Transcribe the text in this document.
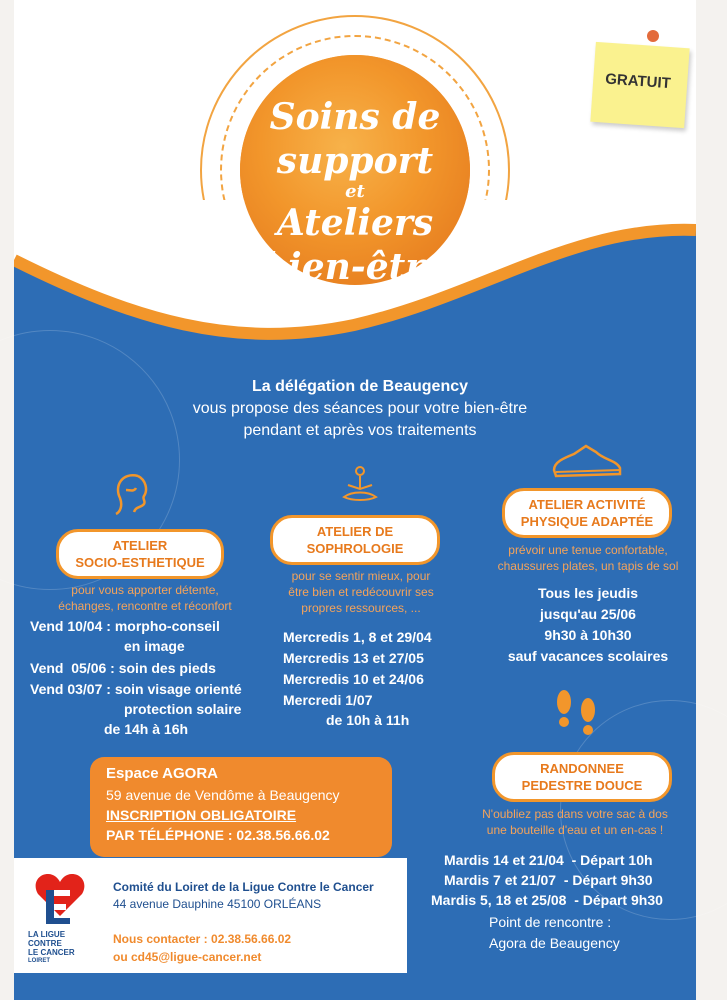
Soins de
support
et
Ateliers
bien-être
GRATUIT
La délégation de Beaugency
vous propose des séances pour votre bien-être
pendant et après vos traitements
ATELIER
SOCIO-ESTHETIQUE
pour vous apporter détente,
échanges, rencontre et réconfort
Vend 10/04 : morpho-conseil
en image
Vend  05/06 : soin des pieds
Vend 03/07 : soin visage orienté
protection solaire
de 14h à 16h
ATELIER DE
SOPHROLOGIE
pour se sentir mieux, pour
être bien et redécouvrir ses
propres ressources, ...
Mercredis 1, 8 et 29/04
Mercredis 13 et 27/05
Mercredis 10 et 24/06
Mercredi 1/07
de 10h à 11h
ATELIER ACTIVITÉ
PHYSIQUE ADAPTÉE
prévoir une tenue confortable,
chaussures plates, un tapis de sol
Tous les jeudis
jusqu'au 25/06
9h30 à 10h30
sauf vacances scolaires
RANDONNEE
PEDESTRE DOUCE
N'oubliez pas dans votre sac à dos
une bouteille d'eau et un en-cas !
Mardis 14 et 21/04  - Départ 10h
Mardis 7 et 21/07  - Départ 9h30
Mardis 5, 18 et 25/08  - Départ 9h30
Point de rencontre :
Agora de Beaugency
Espace AGORA
59 avenue de Vendôme à Beaugency
INSCRIPTION OBLIGATOIRE
PAR TÉLÉPHONE : 02.38.56.66.02
LA LIGUE
CONTRE
LE CANCER
LOIRET
Comité du Loiret de la Ligue Contre le Cancer
44 avenue Dauphine 45100 ORLÉANS
Nous contacter : 02.38.56.66.02
ou cd45@ligue-cancer.net
